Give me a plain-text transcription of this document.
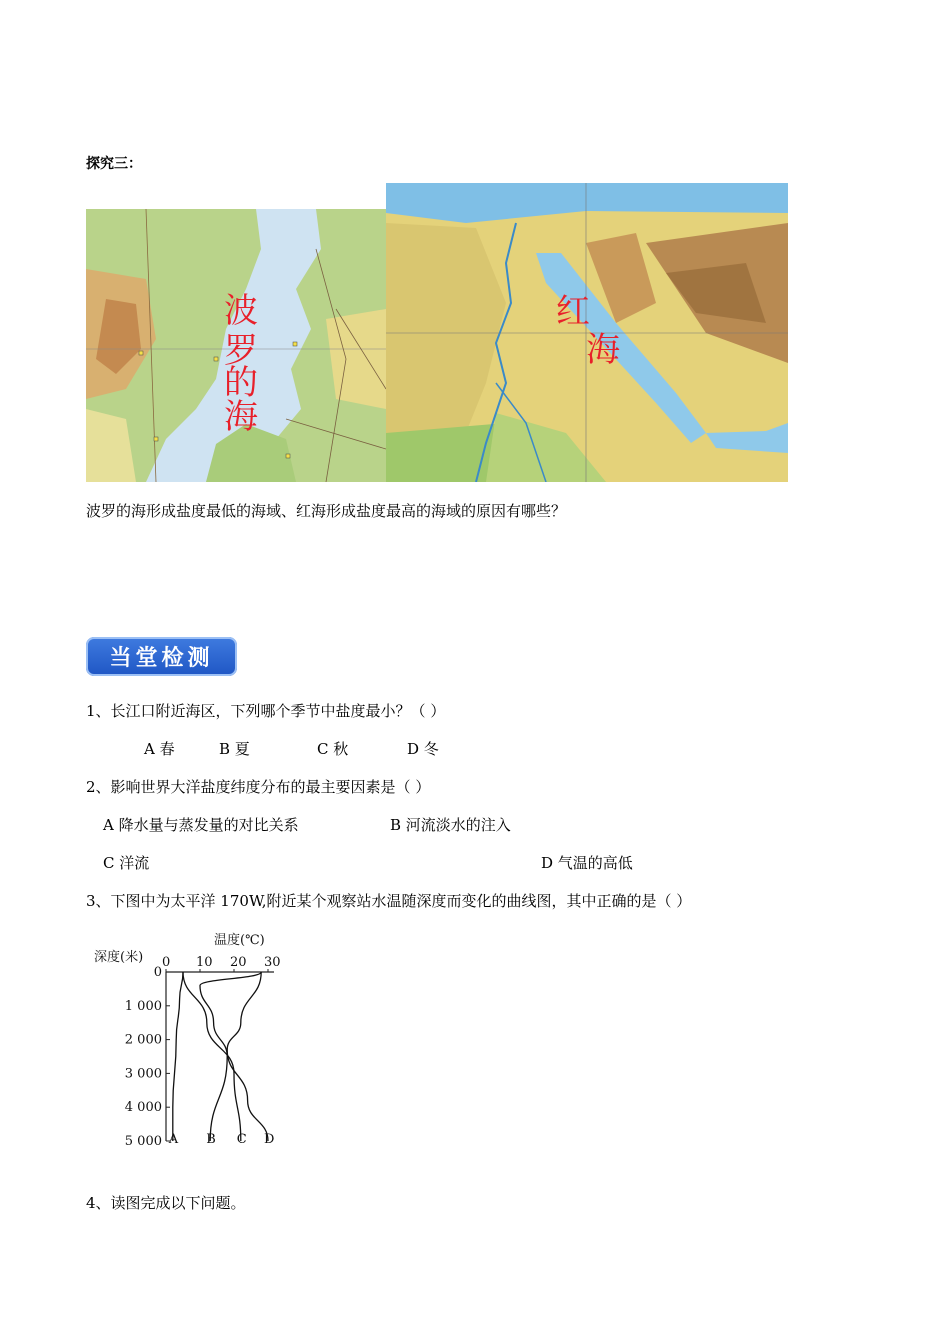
探究三：
波
罗
的
海
红
海
波罗的海形成盐度最低的海域、红海形成盐度最高的海域的原因有哪些？
当堂检测
1、长江口附近海区，下列哪个季节中盐度最小？（ ）
A 春	B 夏	C 秋	D 冬
2、影响世界大洋盐度纬度分布的最主要因素是（ ）
A 降水量与蒸发量的对比关系	B 河流淡水的注入
C 洋流	D 气温的高低
3、下图中为太平洋 170W,附近某个观察站水温随深度而变化的曲线图，其中正确的是（ ）
温度(℃)
深度(米) 0 10 20 30
0
1 000
2 000
3 000
4 000
5 000 A B C D
4、读图完成以下问题。
